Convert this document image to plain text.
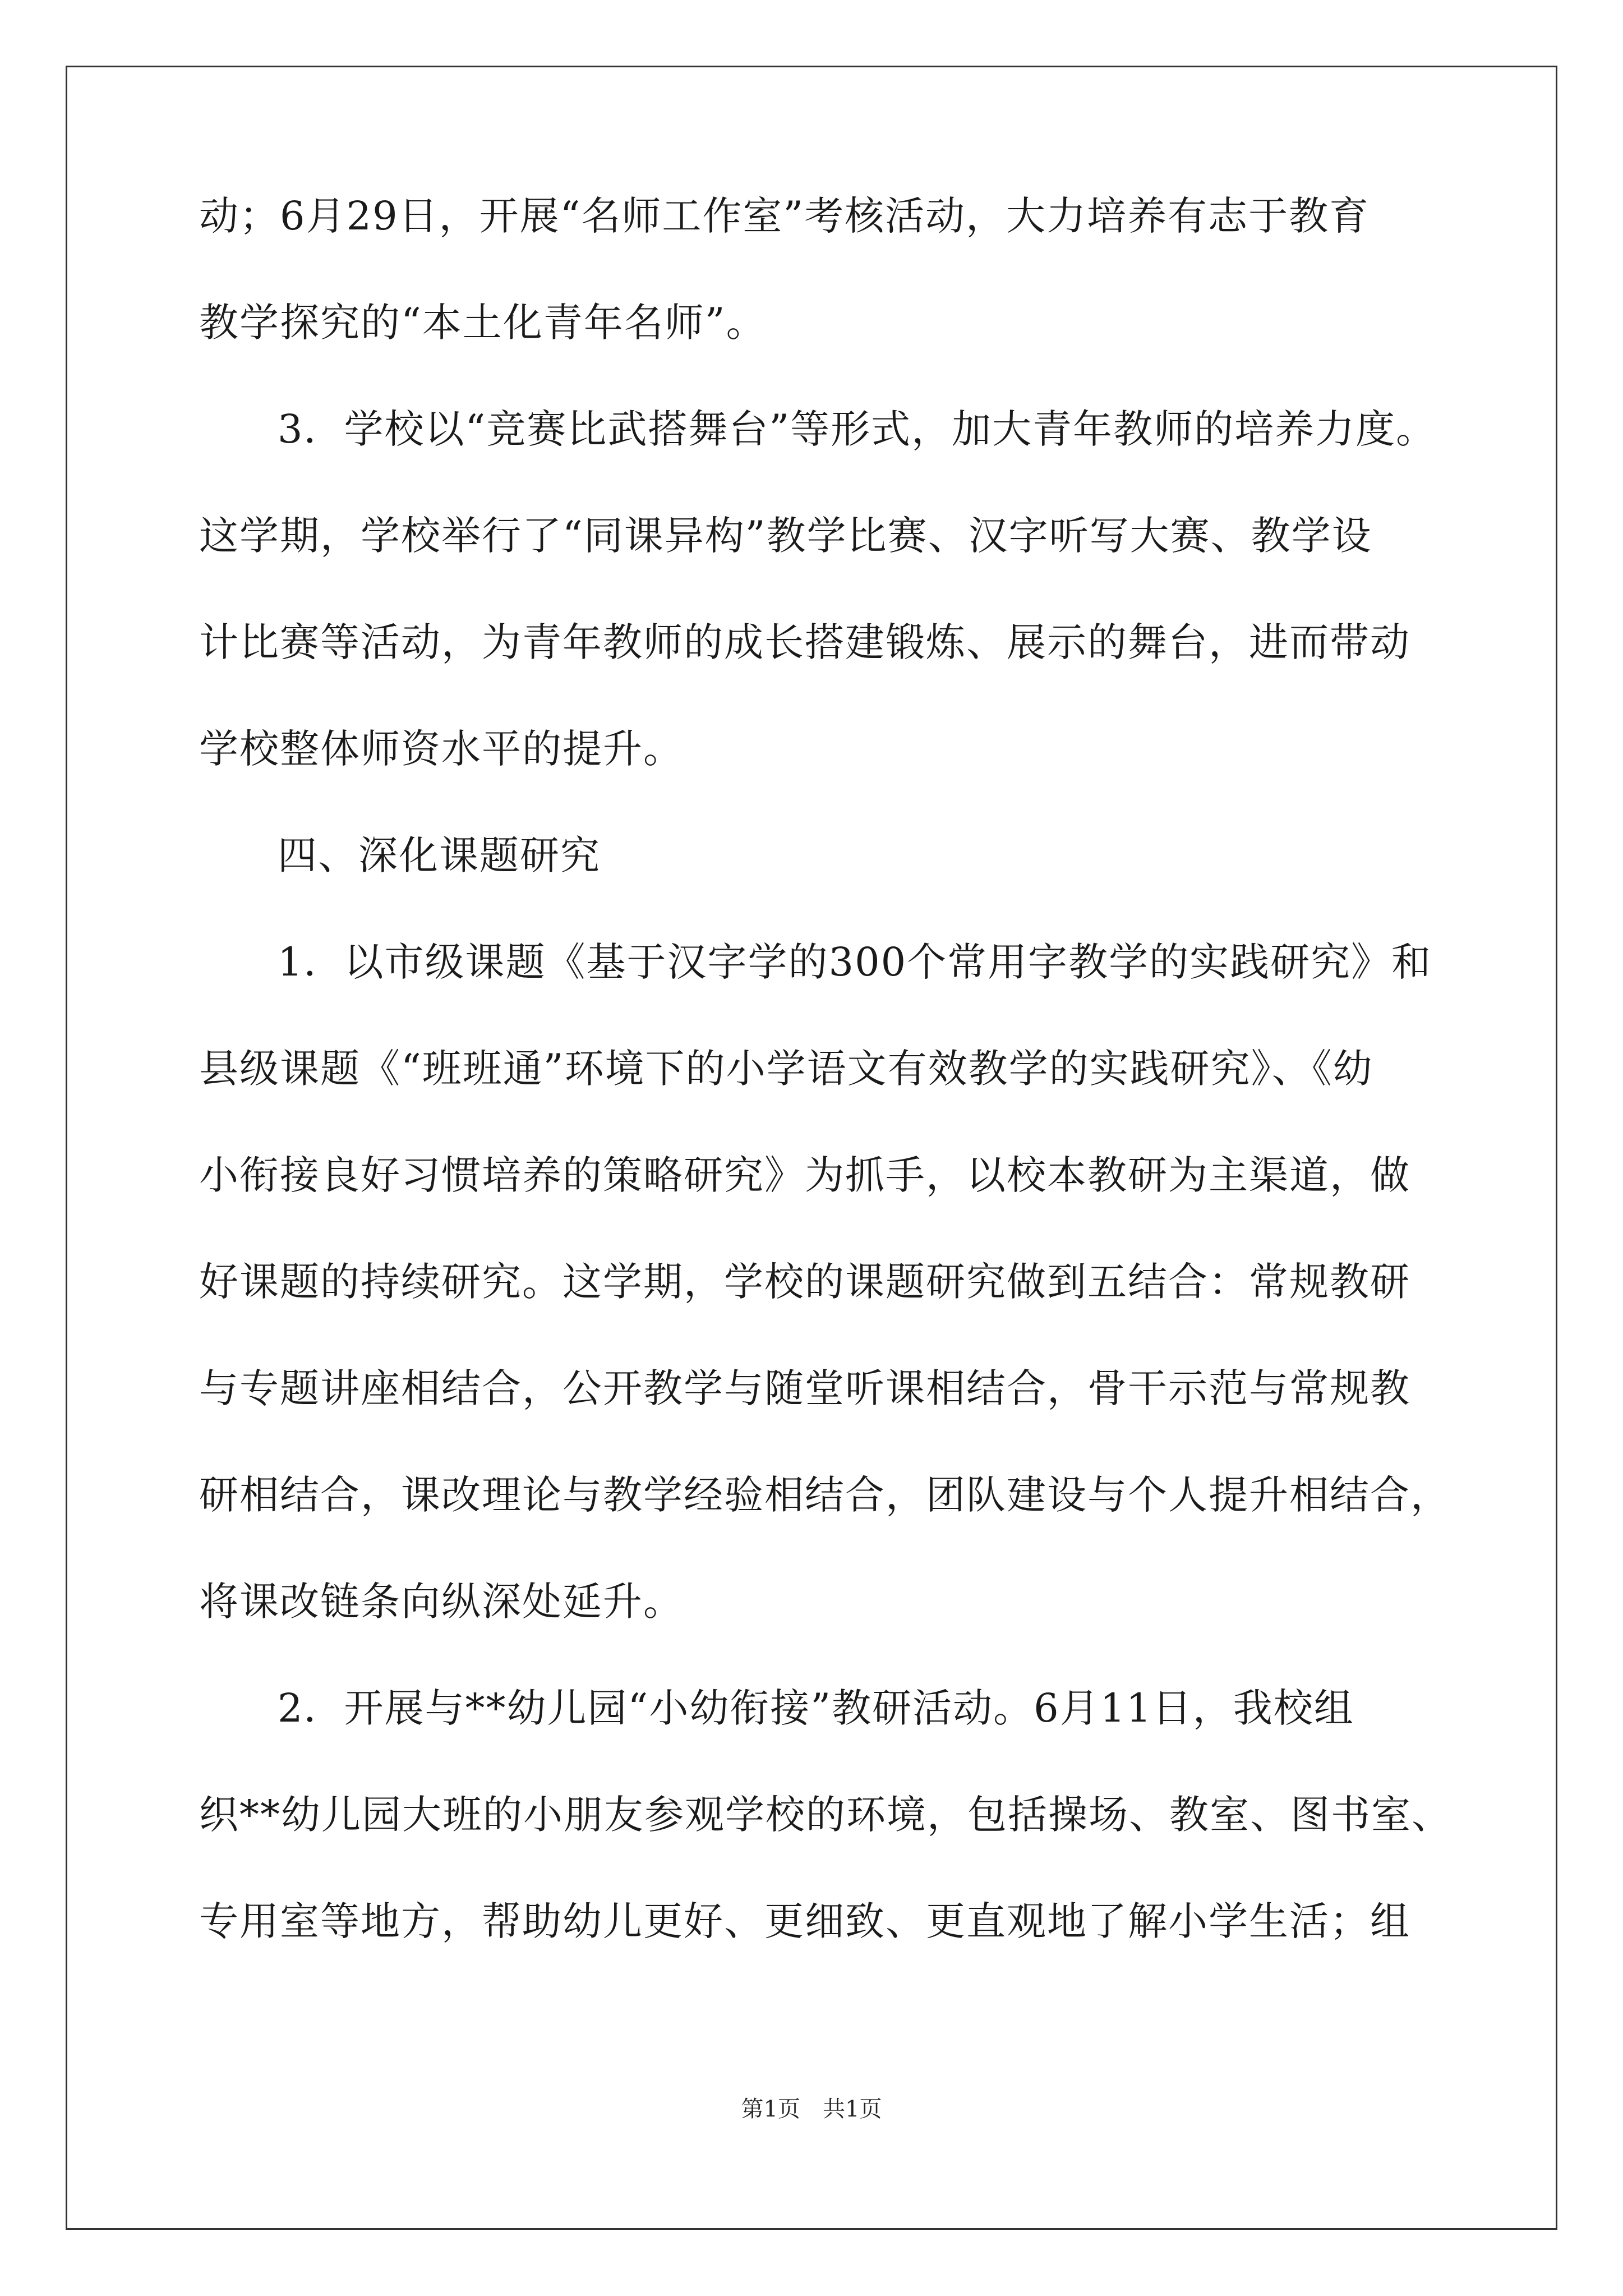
动；6月29日，开展“名师工作室”考核活动，大力培养有志于教育
教学探究的“本土化青年名师”。
3．学校以“竞赛比武搭舞台”等形式，加大青年教师的培养力度。
这学期，学校举行了“同课异构”教学比赛、汉字听写大赛、教学设
计比赛等活动，为青年教师的成长搭建锻炼、展示的舞台，进而带动
学校整体师资水平的提升。
四、深化课题研究
1．以市级课题《基于汉字学的300个常用字教学的实践研究》和
县级课题《“班班通”环境下的小学语文有效教学的实践研究》、《幼
小衔接良好习惯培养的策略研究》为抓手，以校本教研为主渠道，做
好课题的持续研究。这学期，学校的课题研究做到五结合：常规教研
与专题讲座相结合，公开教学与随堂听课相结合，骨干示范与常规教
研相结合，课改理论与教学经验相结合，团队建设与个人提升相结合，
将课改链条向纵深处延升。
2．开展与**幼儿园“小幼衔接”教研活动。6月11日，我校组
织**幼儿园大班的小朋友参观学校的环境，包括操场、教室、图书室、
专用室等地方，帮助幼儿更好、更细致、更直观地了解小学生活；组
第1页　共1页
